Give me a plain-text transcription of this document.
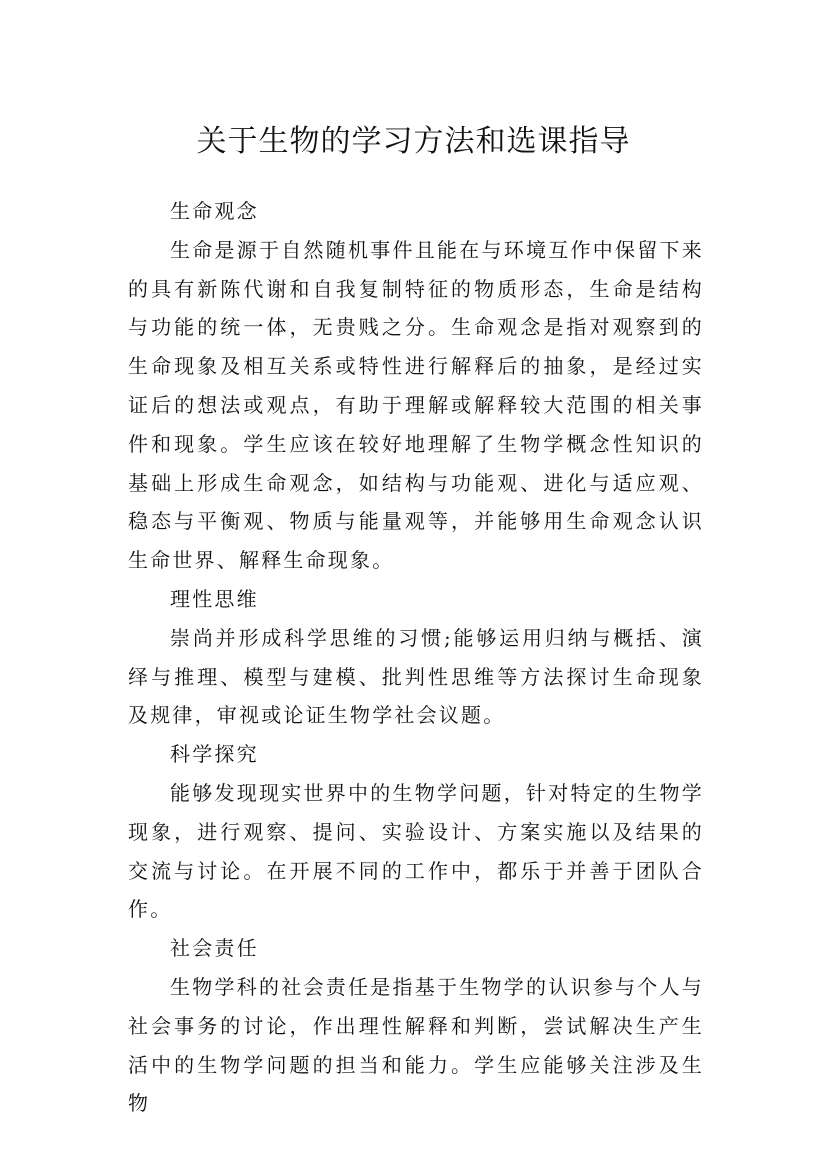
关于生物的学习方法和选课指导

生命观念

生命是源于自然随机事件且能在与环境互作中保留下来的具有新陈代谢和自我复制特征的物质形态，生命是结构与功能的统一体，无贵贱之分。生命观念是指对观察到的生命现象及相互关系或特性进行解释后的抽象，是经过实证后的想法或观点，有助于理解或解释较大范围的相关事件和现象。学生应该在较好地理解了生物学概念性知识的基础上形成生命观念，如结构与功能观、进化与适应观、稳态与平衡观、物质与能量观等，并能够用生命观念认识生命世界、解释生命现象。

理性思维

崇尚并形成科学思维的习惯;能够运用归纳与概括、演绎与推理、模型与建模、批判性思维等方法探讨生命现象及规律，审视或论证生物学社会议题。

科学探究

能够发现现实世界中的生物学问题，针对特定的生物学现象，进行观察、提问、实验设计、方案实施以及结果的交流与讨论。在开展不同的工作中，都乐于并善于团队合作。

社会责任

生物学科的社会责任是指基于生物学的认识参与个人与社会事务的讨论，作出理性解释和判断，尝试解决生产生活中的生物学问题的担当和能力。学生应能够关注涉及生物
